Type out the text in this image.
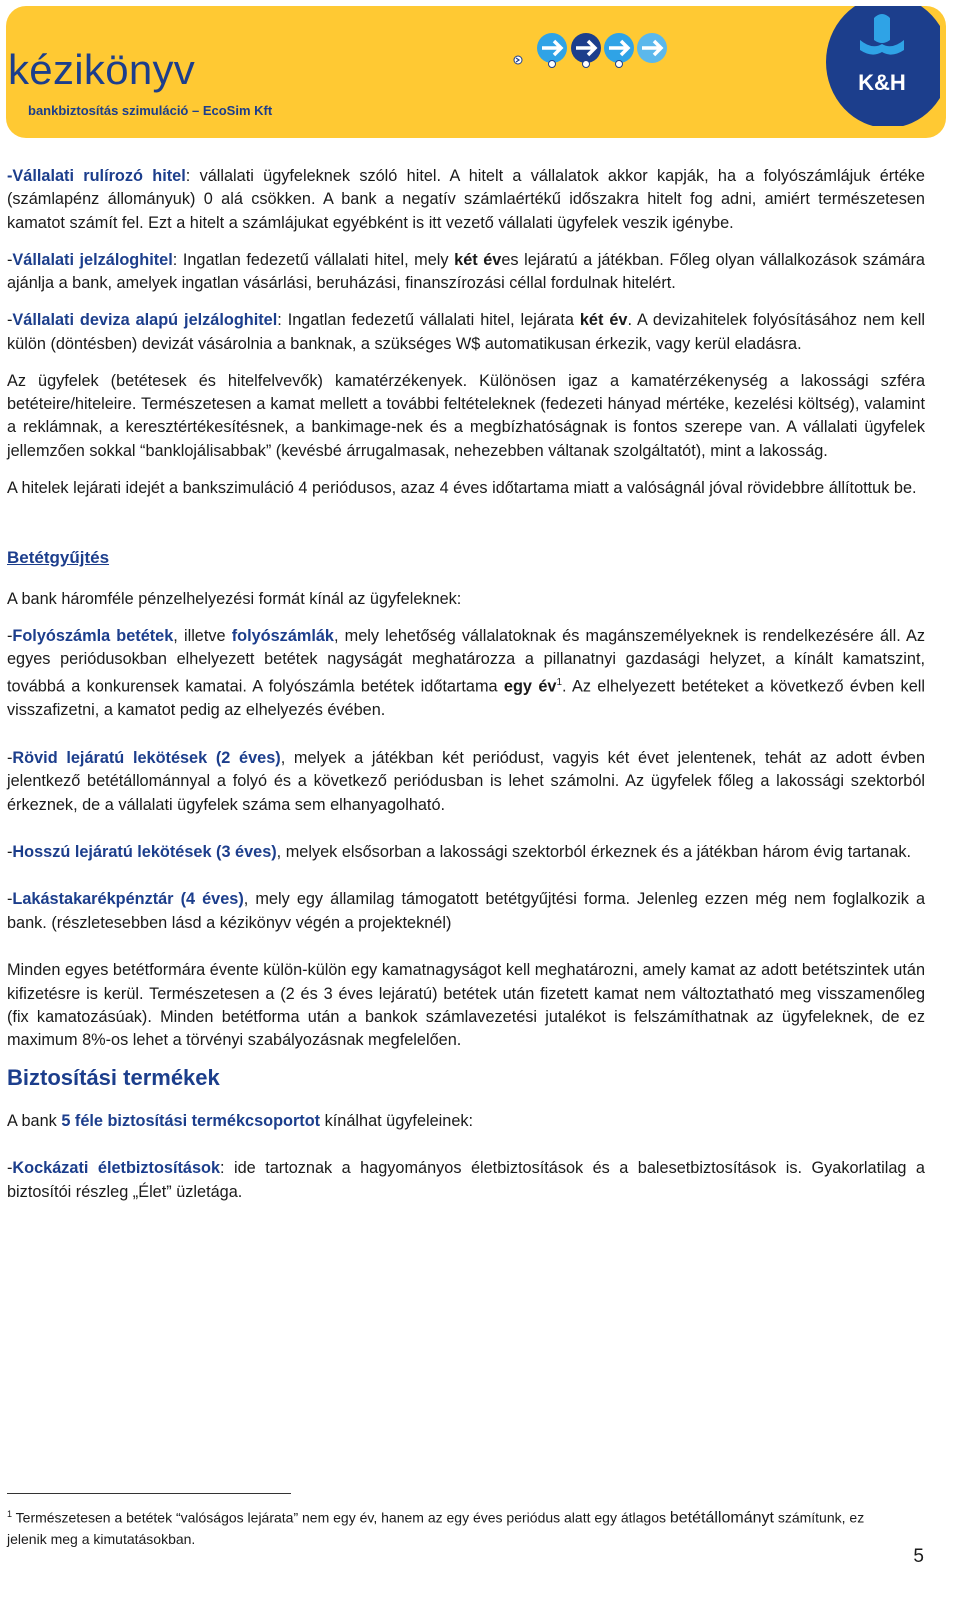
kézikönyv
bankbiztosítás szimuláció – EcoSim Kft
K&H

-Vállalati rulírozó hitel: vállalati ügyfeleknek szóló hitel. A hitelt a vállalatok akkor kapják, ha a folyószámlájuk értéke (számlapénz állományuk) 0 alá csökken. A bank a negatív számlaértékű időszakra hitelt fog adni, amiért természetesen kamatot számít fel. Ezt a hitelt a számlájukat egyébként is itt vezető vállalati ügyfelek veszik igénybe.

-Vállalati jelzáloghitel: Ingatlan fedezetű vállalati hitel, mely két éves lejáratú a játékban. Főleg olyan vállalkozások számára ajánlja a bank, amelyek ingatlan vásárlási, beruházási, finanszírozási céllal fordulnak hitelért.

-Vállalati deviza alapú jelzáloghitel: Ingatlan fedezetű vállalati hitel, lejárata két év. A devizahitelek folyósításához nem kell külön (döntésben) devizát vásárolnia a banknak, a szükséges W$ automatikusan érkezik, vagy kerül eladásra.

Az ügyfelek (betétesek és hitelfelvevők) kamatérzékenyek. Különösen igaz a kamatérzékenység a lakossági szféra betéteire/hiteleire. Természetesen a kamat mellett a további feltételeknek (fedezeti hányad mértéke, kezelési költség), valamint a reklámnak, a keresztértékesítésnek, a bankimage-nek és a megbízhatóságnak is fontos szerepe van. A vállalati ügyfelek jellemzően sokkal “banklojálisabbak” (kevésbé árrugalmasak, nehezebben váltanak szolgáltatót), mint a lakosság.

A hitelek lejárati idejét a bankszimuláció 4 periódusos, azaz 4 éves időtartama miatt a valóságnál jóval rövidebbre állítottuk be.

Betétgyűjtés

A bank háromféle pénzelhelyezési formát kínál az ügyfeleknek:

-Folyószámla betétek, illetve folyószámlák, mely lehetőség vállalatoknak és magánszemélyeknek is rendelkezésére áll. Az egyes periódusokban elhelyezett betétek nagyságát meghatározza a pillanatnyi gazdasági helyzet, a kínált kamatszint, továbbá a konkurensek kamatai. A folyószámla betétek időtartama egy $év^1$. Az elhelyezett betéteket a következő évben kell visszafizetni, a kamatot pedig az elhelyezés évében.

-Rövid lejáratú lekötések (2 éves), melyek a játékban két periódust, vagyis két évet jelentenek, tehát az adott évben jelentkező betétállománnyal a folyó és a következő periódusban is lehet számolni. Az ügyfelek főleg a lakossági szektorból érkeznek, de a vállalati ügyfelek száma sem elhanyagolható.

-Hosszú lejáratú lekötések (3 éves), melyek elsősorban a lakossági szektorból érkeznek és a játékban három évig tartanak.

-Lakástakarékpénztár (4 éves), mely egy államilag támogatott betétgyűjtési forma. Jelenleg ezzen még nem foglalkozik a bank. (részletesebben lásd a kézikönyv végén a projekteknél)

Minden egyes betétformára évente külön-külön egy kamatnagyságot kell meghatározni, amely kamat az adott betétszintek után kifizetésre is kerül. Természetesen a (2 és 3 éves lejáratú) betétek után fizetett kamat nem változtatható meg visszamenőleg (fix kamatozásúak). Minden betétforma után a bankok számlavezetési jutalékot is felszámíthatnak az ügyfeleknek, de ez maximum 8%-os lehet a törvényi szabályozásnak megfelelően.

Biztosítási termékek

A bank 5 féle biztosítási termékcsoportot kínálhat ügyfeleinek:

-Kockázati életbiztosítások: ide tartoznak a hagyományos életbiztosítások és a balesetbiztosítások is. Gyakorlatilag a biztosítói részleg „Élet” üzletága.

$^1$ Természetesen a betétek “valóságos lejárata” nem egy év, hanem az egy éves periódus alatt egy átlagos betétállományt számítunk, ez jelenik meg a kimutatásokban.
5
